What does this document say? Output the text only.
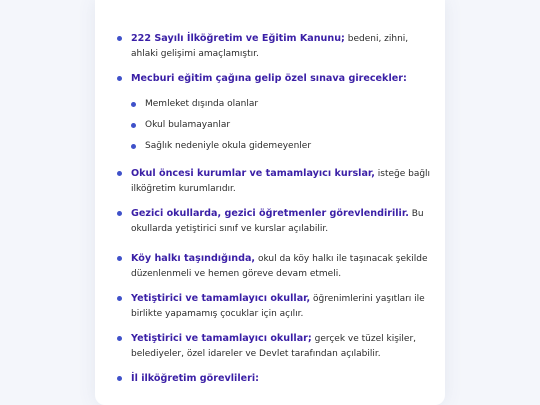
222 Sayılı İlköğretim ve Eğitim Kanunu; bedeni, zihni, ahlaki gelişimi amaçlamıştır.
Mecburi eğitim çağına gelip özel sınava girecekler:
Memleket dışında olanlar
Okul bulamayanlar
Sağlık nedeniyle okula gidemeyenler
Okul öncesi kurumlar ve tamamlayıcı kurslar, isteğe bağlı ilköğretim kurumlarıdır.
Gezici okullarda, gezici öğretmenler görevlendirilir. Bu okullarda yetiştirici sınıf ve kurslar açılabilir.
Köy halkı taşındığında, okul da köy halkı ile taşınacak şekilde düzenlenmeli ve hemen göreve devam etmeli.
Yetiştirici ve tamamlayıcı okullar, öğrenimlerini yaşıtları ile birlikte yapamamış çocuklar için açılır.
Yetiştirici ve tamamlayıcı okullar; gerçek ve tüzel kişiler, belediyeler, özel idareler ve Devlet tarafından açılabilir.
İl ilköğretim görevlileri:
